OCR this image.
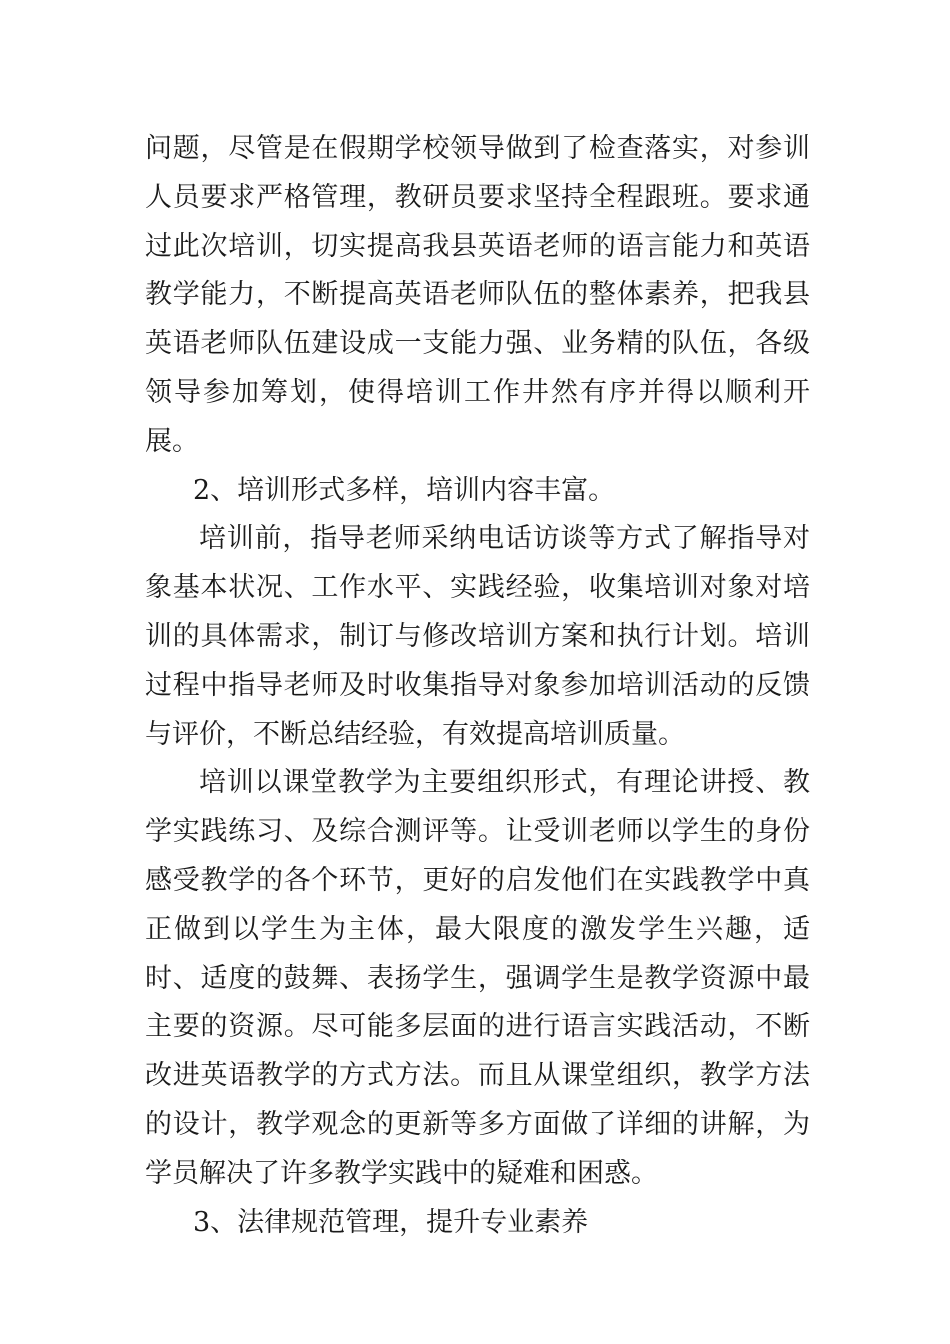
问题，尽管是在假期学校领导做到了检查落实，对参训人员要求严格管理，教研员要求坚持全程跟班。要求通过此次培训，切实提高我县英语老师的语言能力和英语教学能力，不断提高英语老师队伍的整体素养，把我县英语老师队伍建设成一支能力强、业务精的队伍，各级领导参加筹划，使得培训工作井然有序并得以顺利开展。

2、培训形式多样，培训内容丰富。

培训前，指导老师采纳电话访谈等方式了解指导对象基本状况、工作水平、实践经验，收集培训对象对培训的具体需求，制订与修改培训方案和执行计划。培训过程中指导老师及时收集指导对象参加培训活动的反馈与评价，不断总结经验，有效提高培训质量。

培训以课堂教学为主要组织形式，有理论讲授、教学实践练习、及综合测评等。让受训老师以学生的身份感受教学的各个环节，更好的启发他们在实践教学中真正做到以学生为主体，最大限度的激发学生兴趣，适时、适度的鼓舞、表扬学生，强调学生是教学资源中最主要的资源。尽可能多层面的进行语言实践活动，不断改进英语教学的方式方法。而且从课堂组织，教学方法的设计，教学观念的更新等多方面做了详细的讲解，为学员解决了许多教学实践中的疑难和困惑。

3、法律规范管理，提升专业素养
